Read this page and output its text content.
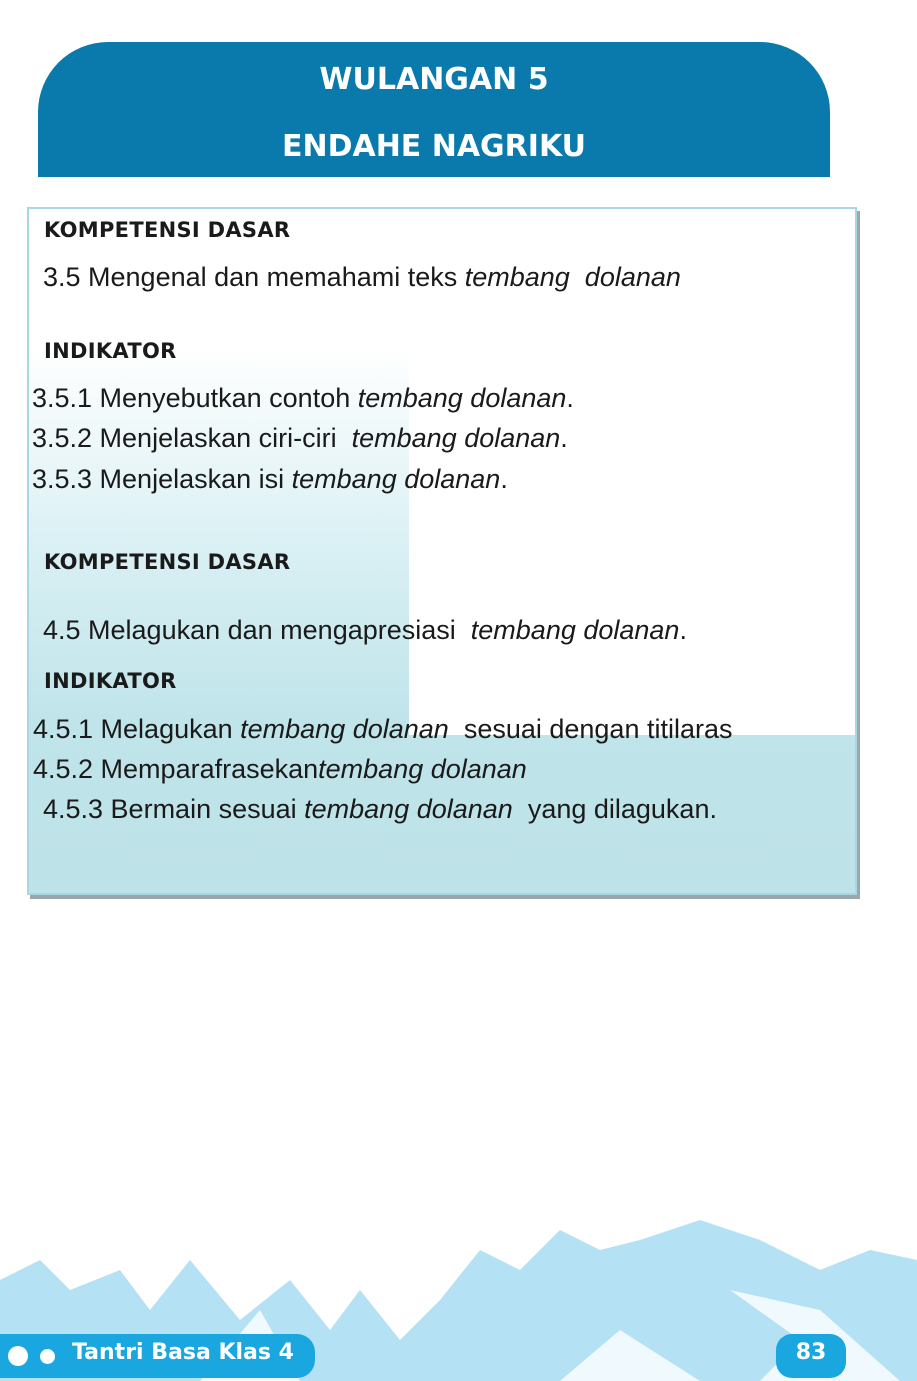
WULANGAN 5
ENDAHE NAGRIKU
KOMPETENSI DASAR
3.5 Mengenal dan memahami teks tembang  dolanan
INDIKATOR
3.5.1 Menyebutkan contoh tembang dolanan.
3.5.2 Menjelaskan ciri-ciri  tembang dolanan.
3.5.3 Menjelaskan isi tembang dolanan.
KOMPETENSI DASAR
4.5 Melagukan dan mengapresiasi  tembang dolanan.
INDIKATOR
4.5.1 Melagukan tembang dolanan  sesuai dengan titilaras
4.5.2 Memparafrasekantembang dolanan
4.5.3 Bermain sesuai tembang dolanan  yang dilagukan.
Tantri Basa Klas 4	83
